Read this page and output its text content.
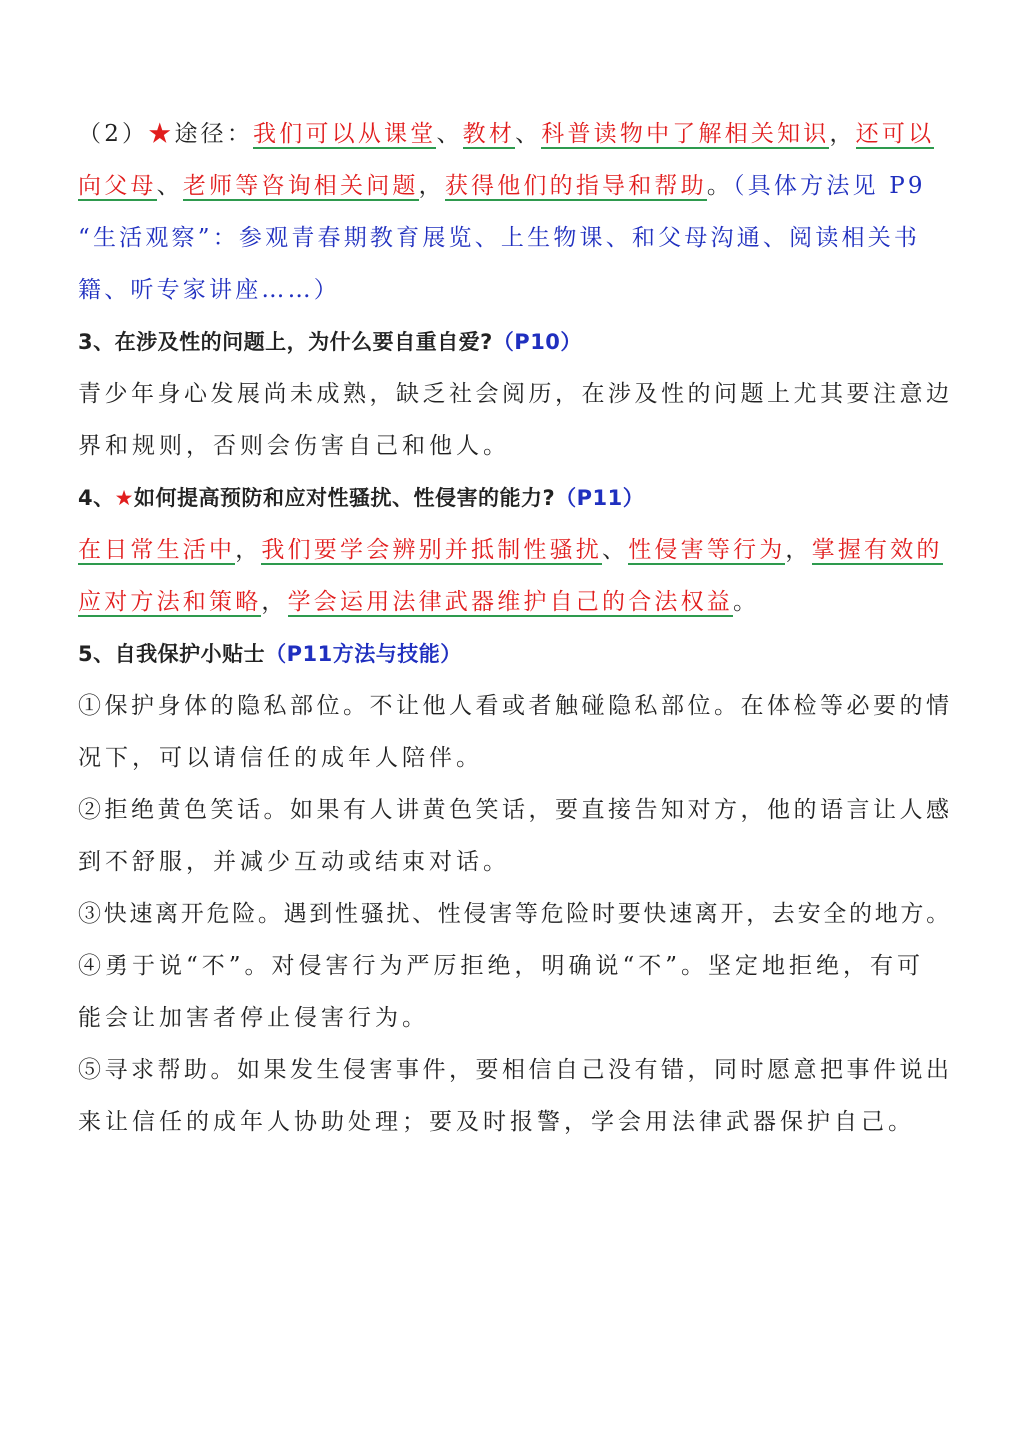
（2）★途径：我们可以从课堂、教材、科普读物中了解相关知识，还可以
向父母、老师等咨询相关问题，获得他们的指导和帮助。（具体方法见 P9
“生活观察”：参观青春期教育展览、上生物课、和父母沟通、阅读相关书
籍、听专家讲座……）
3、在涉及性的问题上，为什么要自重自爱?（P10）
青少年身心发展尚未成熟，缺乏社会阅历，在涉及性的问题上尤其要注意边
界和规则，否则会伤害自己和他人。
4、★如何提高预防和应对性骚扰、性侵害的能力?（P11）
在日常生活中，我们要学会辨别并抵制性骚扰、性侵害等行为，掌握有效的
应对方法和策略，学会运用法律武器维护自己的合法权益。
5、自我保护小贴士（P11方法与技能）
①保护身体的隐私部位。不让他人看或者触碰隐私部位。在体检等必要的情
况下，可以请信任的成年人陪伴。
②拒绝黄色笑话。如果有人讲黄色笑话，要直接告知对方，他的语言让人感
到不舒服，并减少互动或结束对话。
③快速离开危险。遇到性骚扰、性侵害等危险时要快速离开，去安全的地方。
④勇于说“不”。对侵害行为严厉拒绝，明确说“不”。坚定地拒绝，有可
能会让加害者停止侵害行为。
⑤寻求帮助。如果发生侵害事件，要相信自己没有错，同时愿意把事件说出
来让信任的成年人协助处理；要及时报警，学会用法律武器保护自己。
